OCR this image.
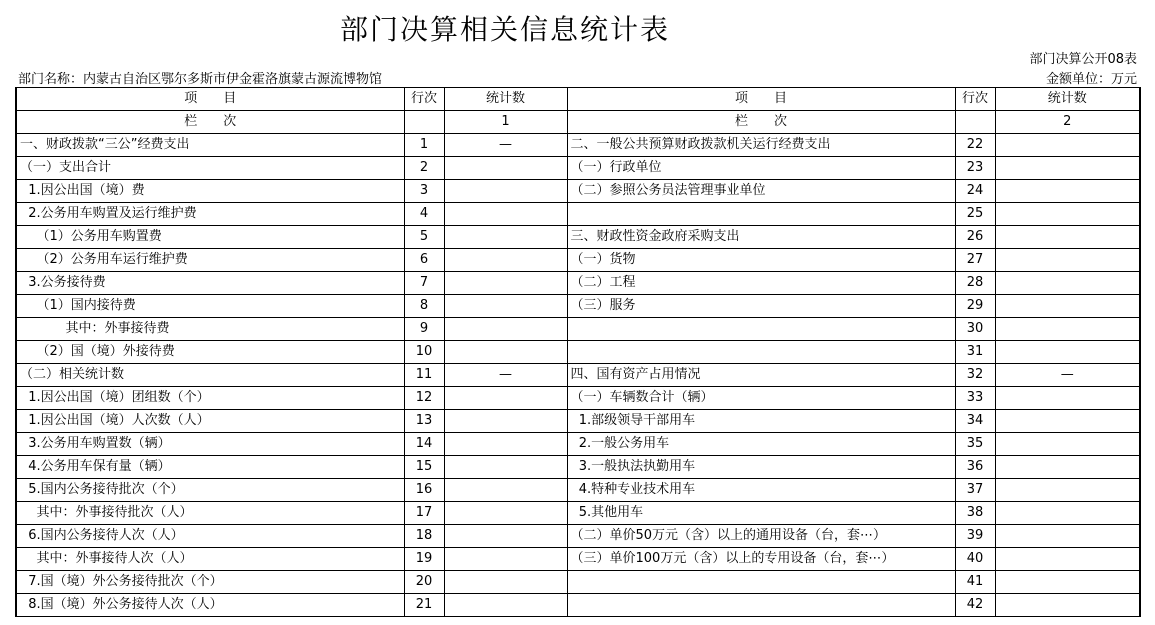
部门决算相关信息统计表
部门决算公开08表
部门名称：内蒙古自治区鄂尔多斯市伊金霍洛旗蒙古源流博物馆	金额单位：万元
项　　目	行次	统计数	项　　目	行次	统计数
栏　　次		1	栏　　次		2
一、财政拨款“三公”经费支出	1	—	二、一般公共预算财政拨款机关运行经费支出	22	
（一）支出合计	2		（一）行政单位	23	
1.因公出国（境）费	3		（二）参照公务员法管理事业单位	24	
2.公务用车购置及运行维护费	4			25	
（1）公务用车购置费	5		三、财政性资金政府采购支出	26	
（2）公务用车运行维护费	6		（一）货物	27	
3.公务接待费	7		（二）工程	28	
（1）国内接待费	8		（三）服务	29	
其中：外事接待费	9			30	
（2）国（境）外接待费	10			31	
（二）相关统计数	11	—	四、国有资产占用情况	32	—
1.因公出国（境）团组数（个）	12		（一）车辆数合计（辆）	33	
1.因公出国（境）人次数（人）	13		1.部级领导干部用车	34	
3.公务用车购置数（辆）	14		2.一般公务用车	35	
4.公务用车保有量（辆）	15		3.一般执法执勤用车	36	
5.国内公务接待批次（个）	16		4.特种专业技术用车	37	
其中：外事接待批次（人）	17		5.其他用车	38	
6.国内公务接待人次（人）	18		（二）单价50万元（含）以上的通用设备（台，套⋯）	39	
其中：外事接待人次（人）	19		（三）单价100万元（含）以上的专用设备（台，套⋯）	40	
7.国（境）外公务接待批次（个）	20			41	
8.国（境）外公务接待人次（人）	21			42	
